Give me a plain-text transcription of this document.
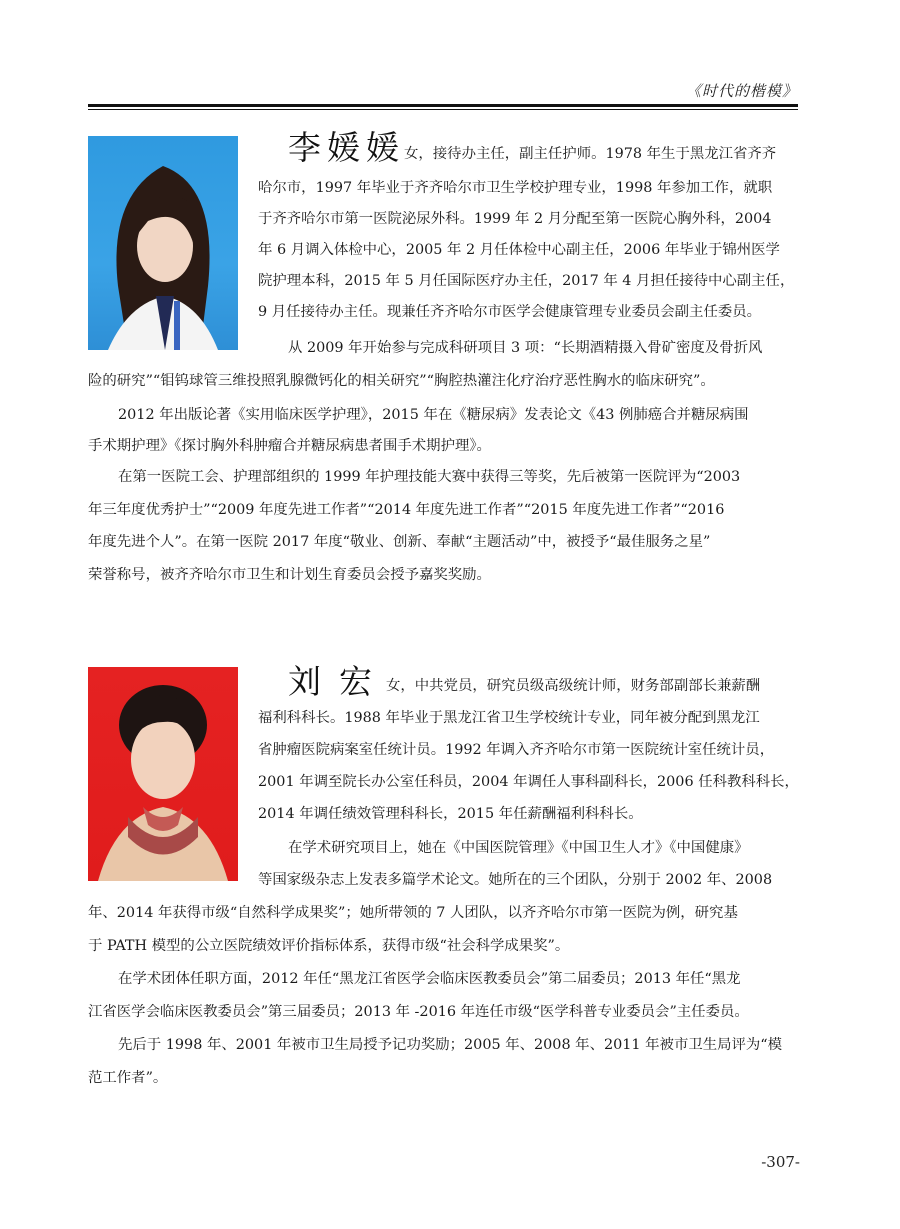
《时代的楷模》
李媛媛 女，接待办主任，副主任护师。1978 年生于黑龙江省齐齐
哈尔市，1997 年毕业于齐齐哈尔市卫生学校护理专业，1998 年参加工作，就职
于齐齐哈尔市第一医院泌尿外科。1999 年 2 月分配至第一医院心胸外科，2004
年 6 月调入体检中心，2005 年 2 月任体检中心副主任，2006 年毕业于锦州医学
院护理本科，2015 年 5 月任国际医疗办主任，2017 年 4 月担任接待中心副主任，
9 月任接待办主任。现兼任齐齐哈尔市医学会健康管理专业委员会副主任委员。
从 2009 年开始参与完成科研项目 3 项：“长期酒精摄入骨矿密度及骨折风
险的研究”“钼钨球管三维投照乳腺微钙化的相关研究”“胸腔热灌注化疗治疗恶性胸水的临床研究”。
2012 年出版论著《实用临床医学护理》，2015 年在《糖尿病》发表论文《43 例肺癌合并糖尿病围
手术期护理》《探讨胸外科肿瘤合并糖尿病患者围手术期护理》。
在第一医院工会、护理部组织的 1999 年护理技能大赛中获得三等奖，先后被第一医院评为“2003
年三年度优秀护士”“2009 年度先进工作者”“2014 年度先进工作者”“2015 年度先进工作者”“2016
年度先进个人”。在第一医院 2017 年度“敬业、创新、奉献“主题活动”中，被授予“最佳服务之星”
荣誉称号，被齐齐哈尔市卫生和计划生育委员会授予嘉奖奖励。
刘宏
女，中共党员，研究员级高级统计师，财务部副部长兼薪酬
福利科科长。1988 年毕业于黑龙江省卫生学校统计专业，同年被分配到黑龙江
省肿瘤医院病案室任统计员。1992 年调入齐齐哈尔市第一医院统计室任统计员，
2001 年调至院长办公室任科员，2004 年调任人事科副科长，2006 任科教科科长，
2014 年调任绩效管理科科长，2015 年任薪酬福利科科长。
在学术研究项目上，她在《中国医院管理》《中国卫生人才》《中国健康》
等国家级杂志上发表多篇学术论文。她所在的三个团队，分别于 2002 年、2008
年、2014 年获得市级“自然科学成果奖”；她所带领的 7 人团队，以齐齐哈尔市第一医院为例，研究基
于 PATH 模型的公立医院绩效评价指标体系，获得市级“社会科学成果奖”。
在学术团体任职方面，2012 年任“黑龙江省医学会临床医教委员会”第二届委员；2013 年任“黑龙
江省医学会临床医教委员会”第三届委员；2013 年 -2016 年连任市级“医学科普专业委员会”主任委员。
先后于 1998 年、2001 年被市卫生局授予记功奖励；2005 年、2008 年、2011 年被市卫生局评为“模
范工作者”。
-307-
